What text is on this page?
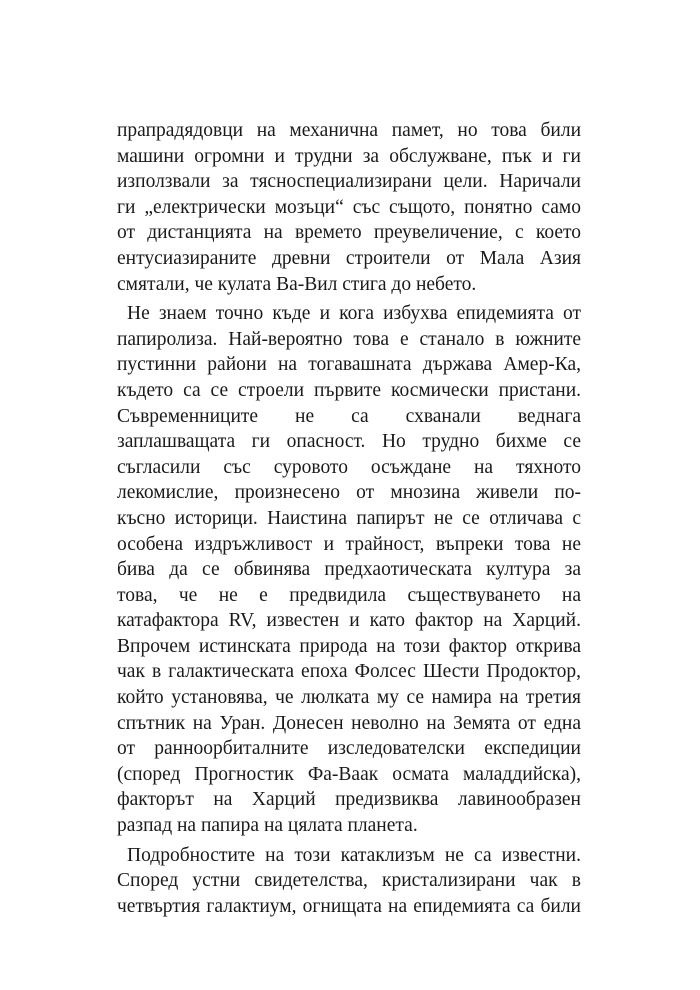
прапрадядовци на механична памет, но това били
машини огромни и трудни за обслужване, пък и ги
използвали за тясноспециализирани цели. Наричали
ги „електрически мозъци“ със същото, понятно само
от дистанцията на времето преувеличение, с което
ентусиазираните древни строители от Мала Азия
смятали, че кулата Ва-Вил стига до небето.

Не знаем точно къде и кога избухва епидемията от
папиролиза. Най-вероятно това е станало в южните
пустинни райони на тогавашната държава Амер-Ка,
където са се строели първите космически пристани.
Съвременниците не са схванали веднага
заплашващата ги опасност. Но трудно бихме се
съгласили със суровото осъждане на тяхното
лекомислие, произнесено от мнозина живели по-
късно историци. Наистина папирът не се отличава с
особена издръжливост и трайност, въпреки това не
бива да се обвинява предхаотическата култура за
това, че не е предвидила съществуването на
катафактора RV, известен и като фактор на Харций.
Впрочем истинската природа на този фактор открива
чак в галактическата епоха Фолсес Шести Продоктор,
който установява, че люлката му се намира на третия
спътник на Уран. Донесен неволно на Земята от една
от ранноорбиталните изследователски експедиции
(според Прогностик Фа-Ваак осмата маладдийска),
факторът на Харций предизвиква лавинообразен
разпад на папира на цялата планета.

Подробностите на този катаклизъм не са известни.
Според устни свидетелства, кристализирани чак в
четвъртия галактиум, огнищата на епидемията са били
